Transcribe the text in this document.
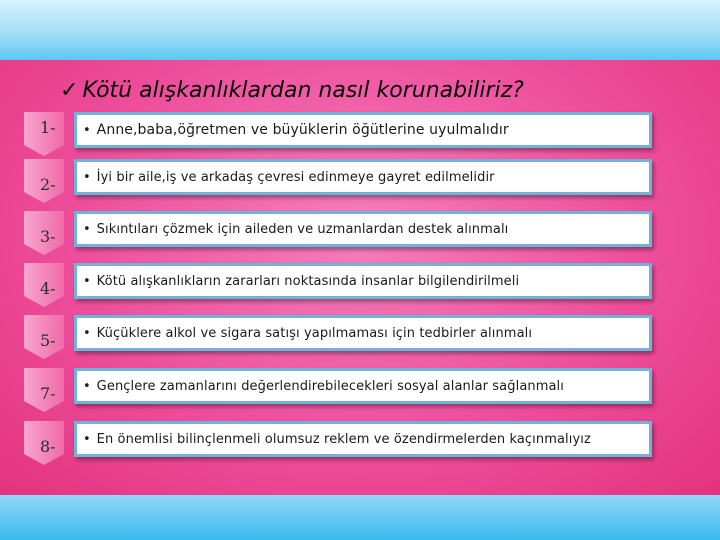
✓ Kötü alışkanlıklardan nasıl korunabiliriz?
1- • Anne,baba,öğretmen ve büyüklerin öğütlerine uyulmalıdır
2- • İyi bir aile,iş ve arkadaş çevresi edinmeye gayret edilmelidir
3- • Sıkıntıları çözmek için aileden ve uzmanlardan destek alınmalı
4- • Kötü alışkanlıkların zararları noktasında insanlar bilgilendirilmeli
5- • Küçüklere alkol ve sigara satışı yapılmaması için tedbirler alınmalı
7- • Gençlere zamanlarını değerlendirebilecekleri sosyal alanlar sağlanmalı
8- • En önemlisi bilinçlenmeli olumsuz reklem ve özendirmelerden kaçınmalıyız
